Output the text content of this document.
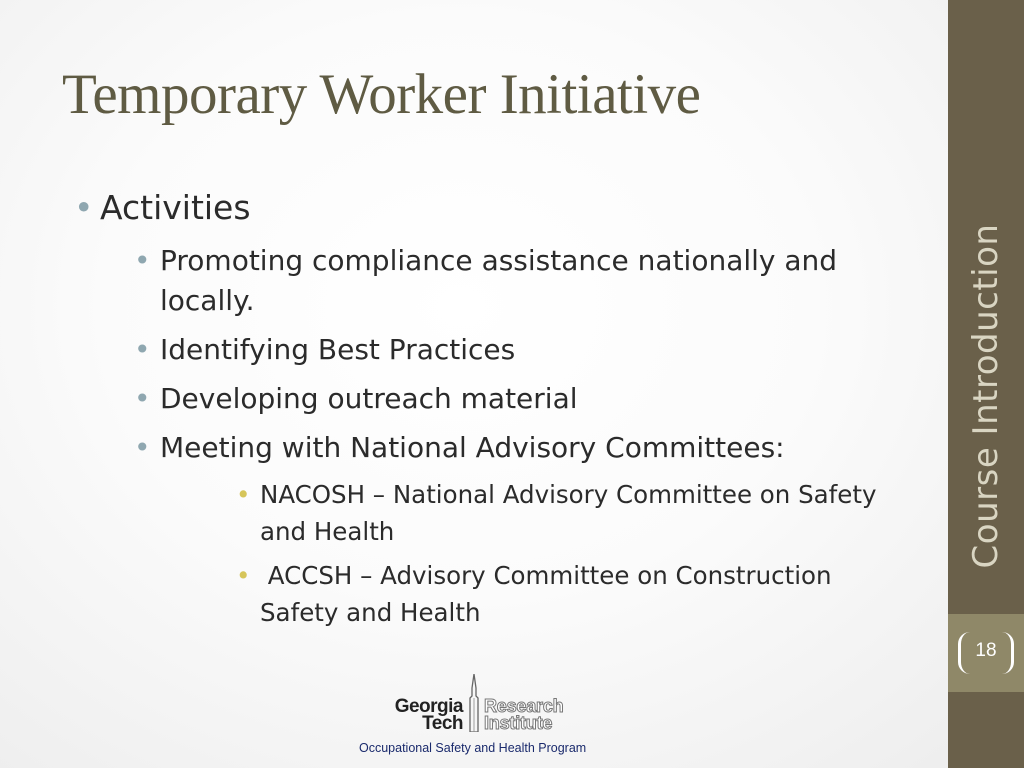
Temporary Worker Initiative
• Activities
• Promoting compliance assistance nationally and locally.
• Identifying Best Practices
• Developing outreach material
• Meeting with National Advisory Committees:
• NACOSH – National Advisory Committee on Safety and Health
•  ACCSH – Advisory Committee on Construction Safety and Health
Course Introduction
18
Georgia
Tech
Research
Institute
Occupational Safety and Health Program
